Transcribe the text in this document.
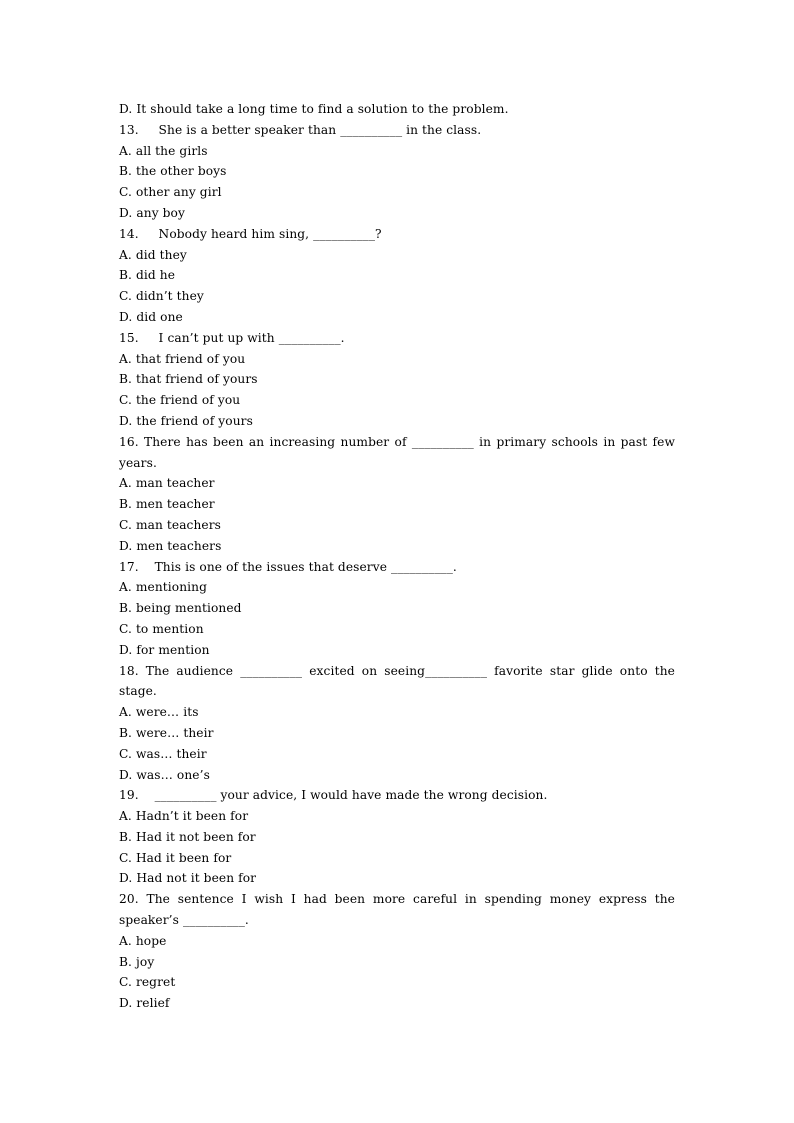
D. It should take a long time to find a solution to the problem.
13.     She is a better speaker than __________ in the class.
A. all the girls
B. the other boys
C. other any girl
D. any boy
14.     Nobody heard him sing, __________?
A. did they
B. did he
C. didn’t they
D. did one
15.     I can’t put up with __________.
A. that friend of you
B. that friend of yours
C. the friend of you
D. the friend of yours
16. There has been an increasing number of __________ in primary schools in past few years.
A. man teacher
B. men teacher
C. man teachers
D. men teachers
17.    This is one of the issues that deserve __________.
A. mentioning
B. being mentioned
C. to mention
D. for mention
18. The audience __________ excited on seeing__________ favorite star glide onto the stage.
A. were… its
B. were… their
C. was… their
D. was… one’s
19.    __________ your advice, I would have made the wrong decision.
A. Hadn’t it been for
B. Had it not been for
C. Had it been for
D. Had not it been for
20. The sentence I wish I had been more careful in spending money express the speaker’s __________.
A. hope
B. joy
C. regret
D. relief
